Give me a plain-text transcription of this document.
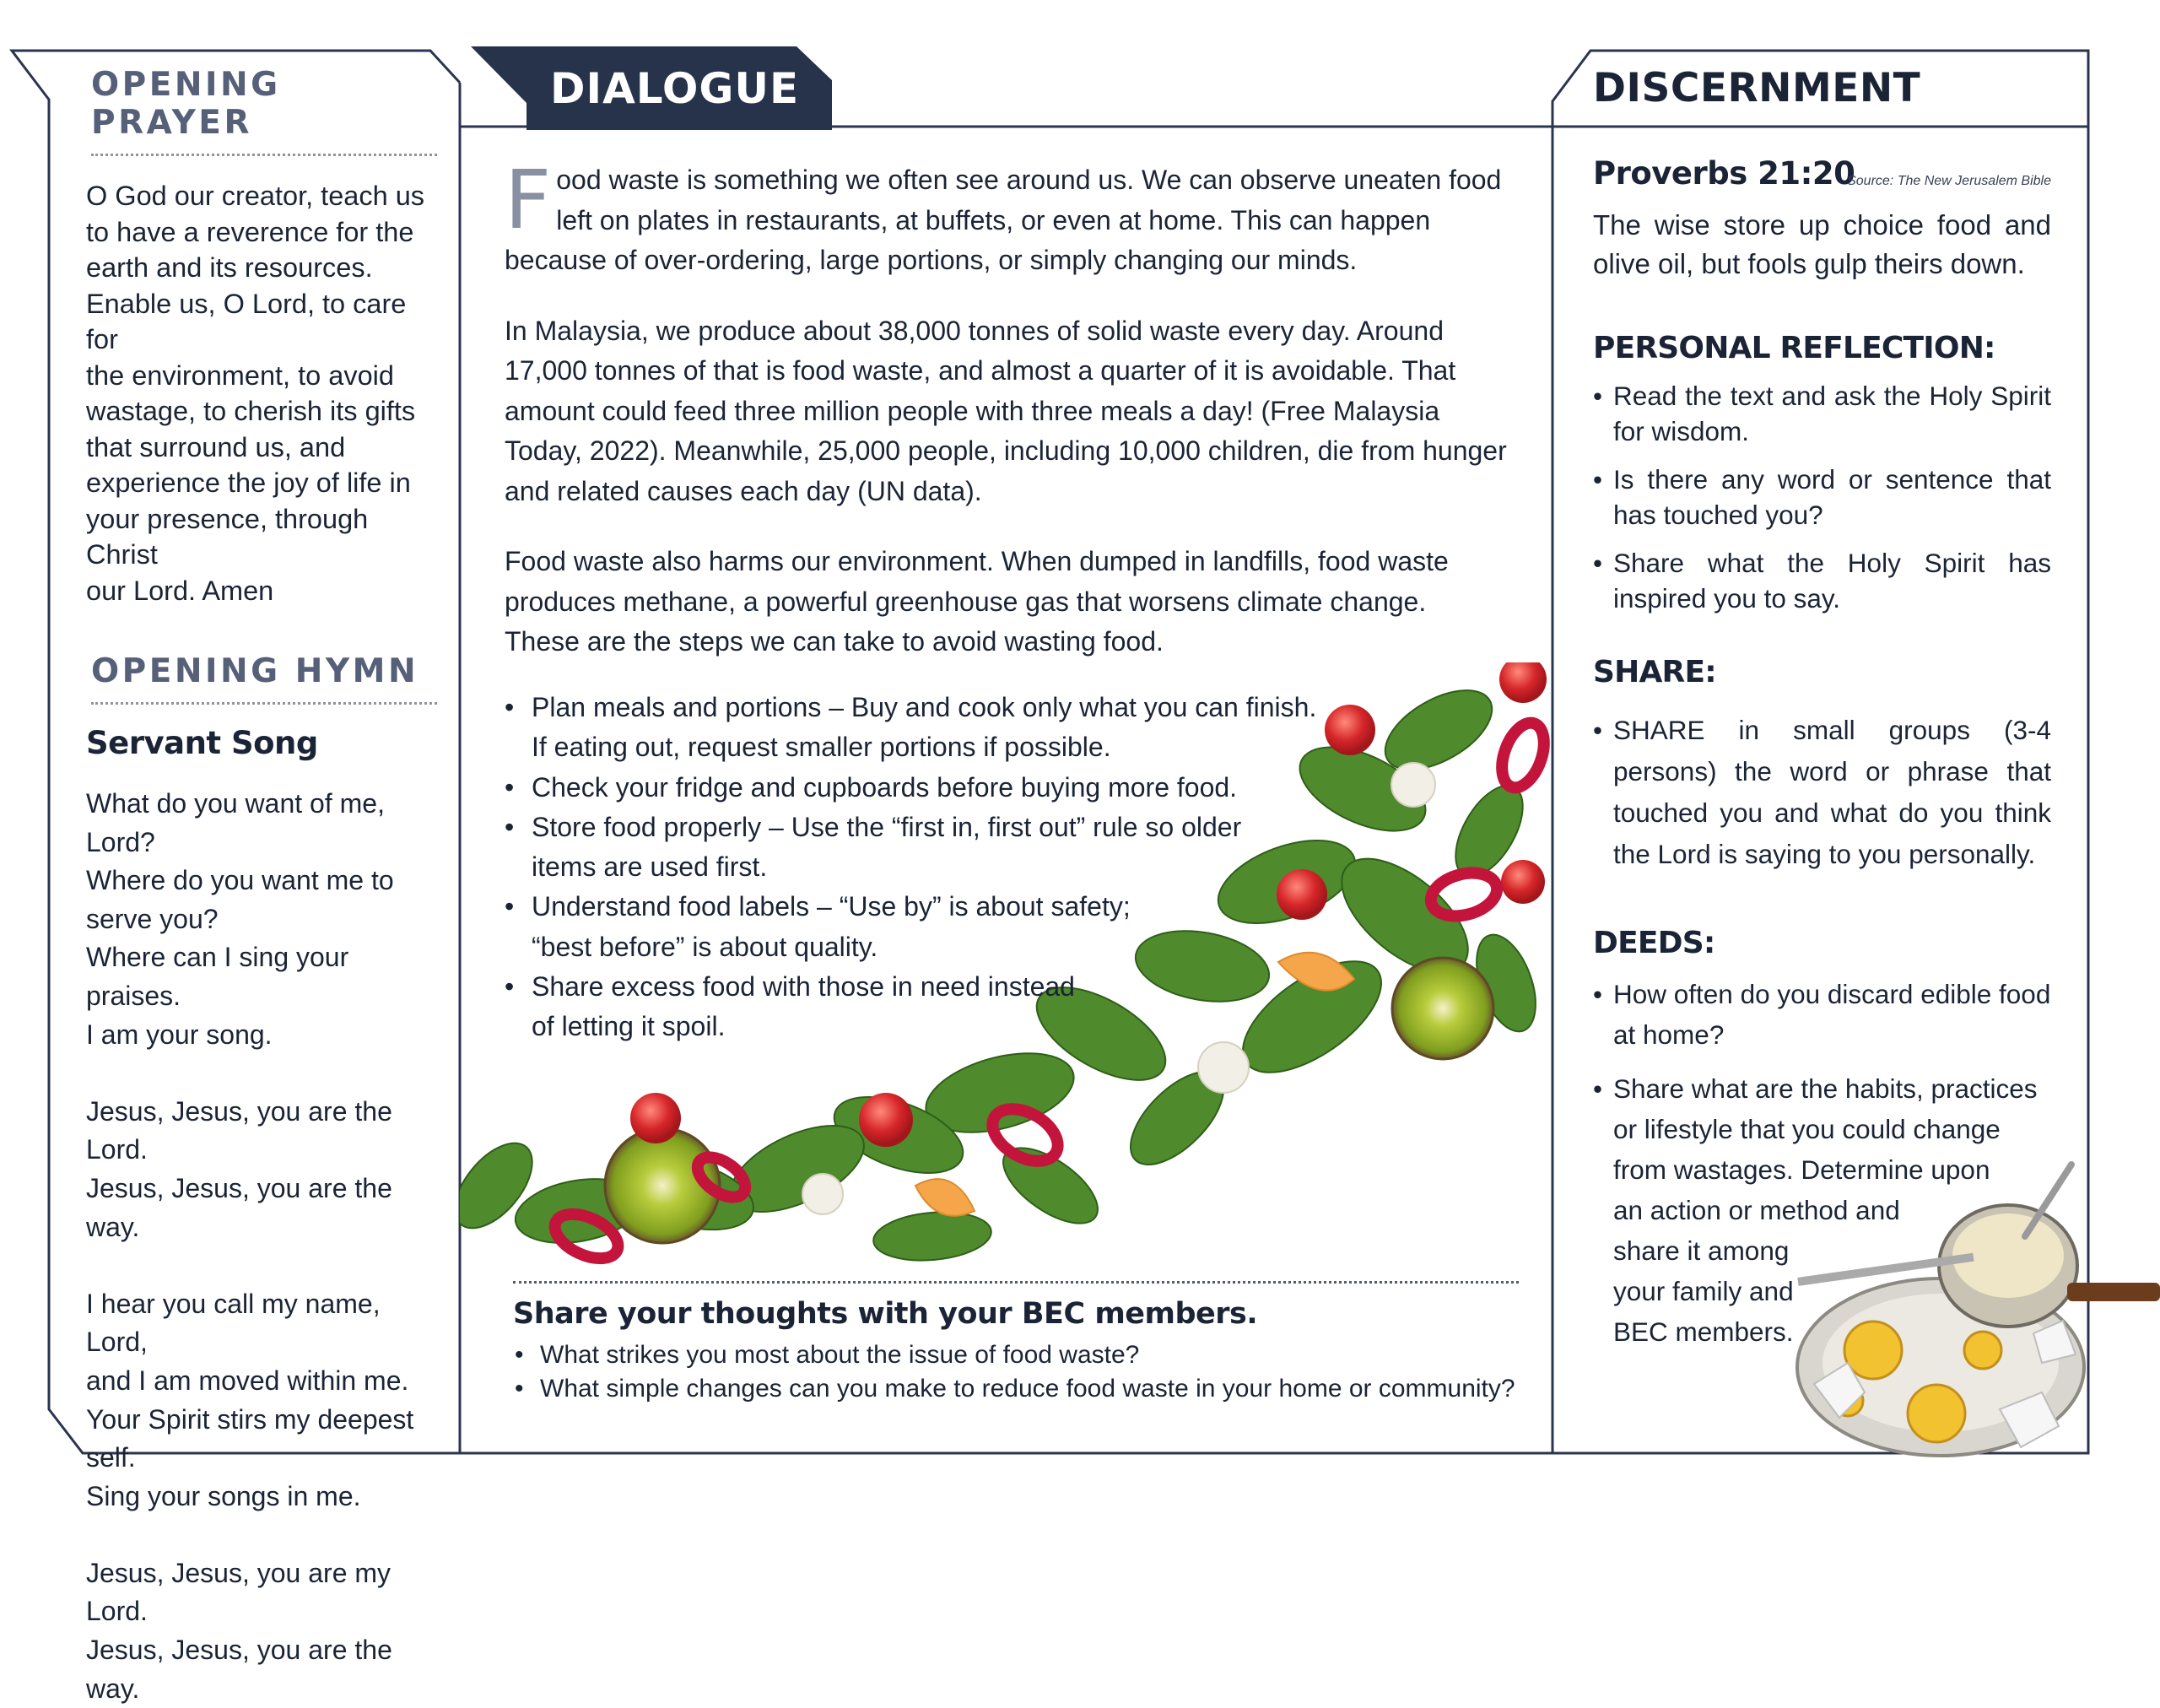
OPENING PRAYER
O God our creator, teach us
to have a reverence for the
earth and its resources.
Enable us, O Lord, to care for
the environment, to avoid
wastage, to cherish its gifts
that surround us, and
experience the joy of life in
your presence, through Christ
our Lord. Amen
OPENING HYMN
Servant Song
What do you want of me,
Lord?
Where do you want me to
serve you?
Where can I sing your praises.
I am your song.
Jesus, Jesus, you are the Lord.
Jesus, Jesus, you are the way.
I hear you call my name, Lord,
and I am moved within me.
Your Spirit stirs my deepest
self.
Sing your songs in me.
Jesus, Jesus, you are my Lord.
Jesus, Jesus, you are the way.
DIALOGUE

F ood waste is something we often see around us. We can observe uneaten food
left on plates in restaurants, at buffets, or even at home. This can happen
because of over-ordering, large portions, or simply changing our minds.

In Malaysia, we produce about 38,000 tonnes of solid waste every day. Around
17,000 tonnes of that is food waste, and almost a quarter of it is avoidable. That
amount could feed three million people with three meals a day! (Free Malaysia
Today, 2022). Meanwhile, 25,000 people, including 10,000 children, die from hunger
and related causes each day (UN data).

Food waste also harms our environment. When dumped in landfills, food waste
produces methane, a powerful greenhouse gas that worsens climate change.
These are the steps we can take to avoid wasting food.

• Plan meals and portions – Buy and cook only what you can finish.
If eating out, request smaller portions if possible.
• Check your fridge and cupboards before buying more food.
• Store food properly – Use the “first in, first out” rule so older
items are used first.
• Understand food labels – “Use by” is about safety;
“best before” is about quality.
• Share excess food with those in need instead
of letting it spoil.
Share your thoughts with your BEC members.
• What strikes you most about the issue of food waste?
• What simple changes can you make to reduce food waste in your home or community?
DISCERNMENT
Proverbs 21:20
Source: The New Jerusalem Bible
The wise store up choice food and olive oil, but fools gulp theirs down.
PERSONAL REFLECTION:
• Read the text and ask the Holy Spirit for wisdom.
• Is there any word or sentence that has touched you?
• Share what the Holy Spirit has inspired you to say.
SHARE:
• SHARE in small groups (3-4 persons) the word or phrase that touched you and what do you think the Lord is saying to you personally.
DEEDS:
• How often do you discard edible food at home?
• Share what are the habits, practices
or lifestyle that you could change
from wastages. Determine upon
an action or method and
share it among
your family and
BEC members.
